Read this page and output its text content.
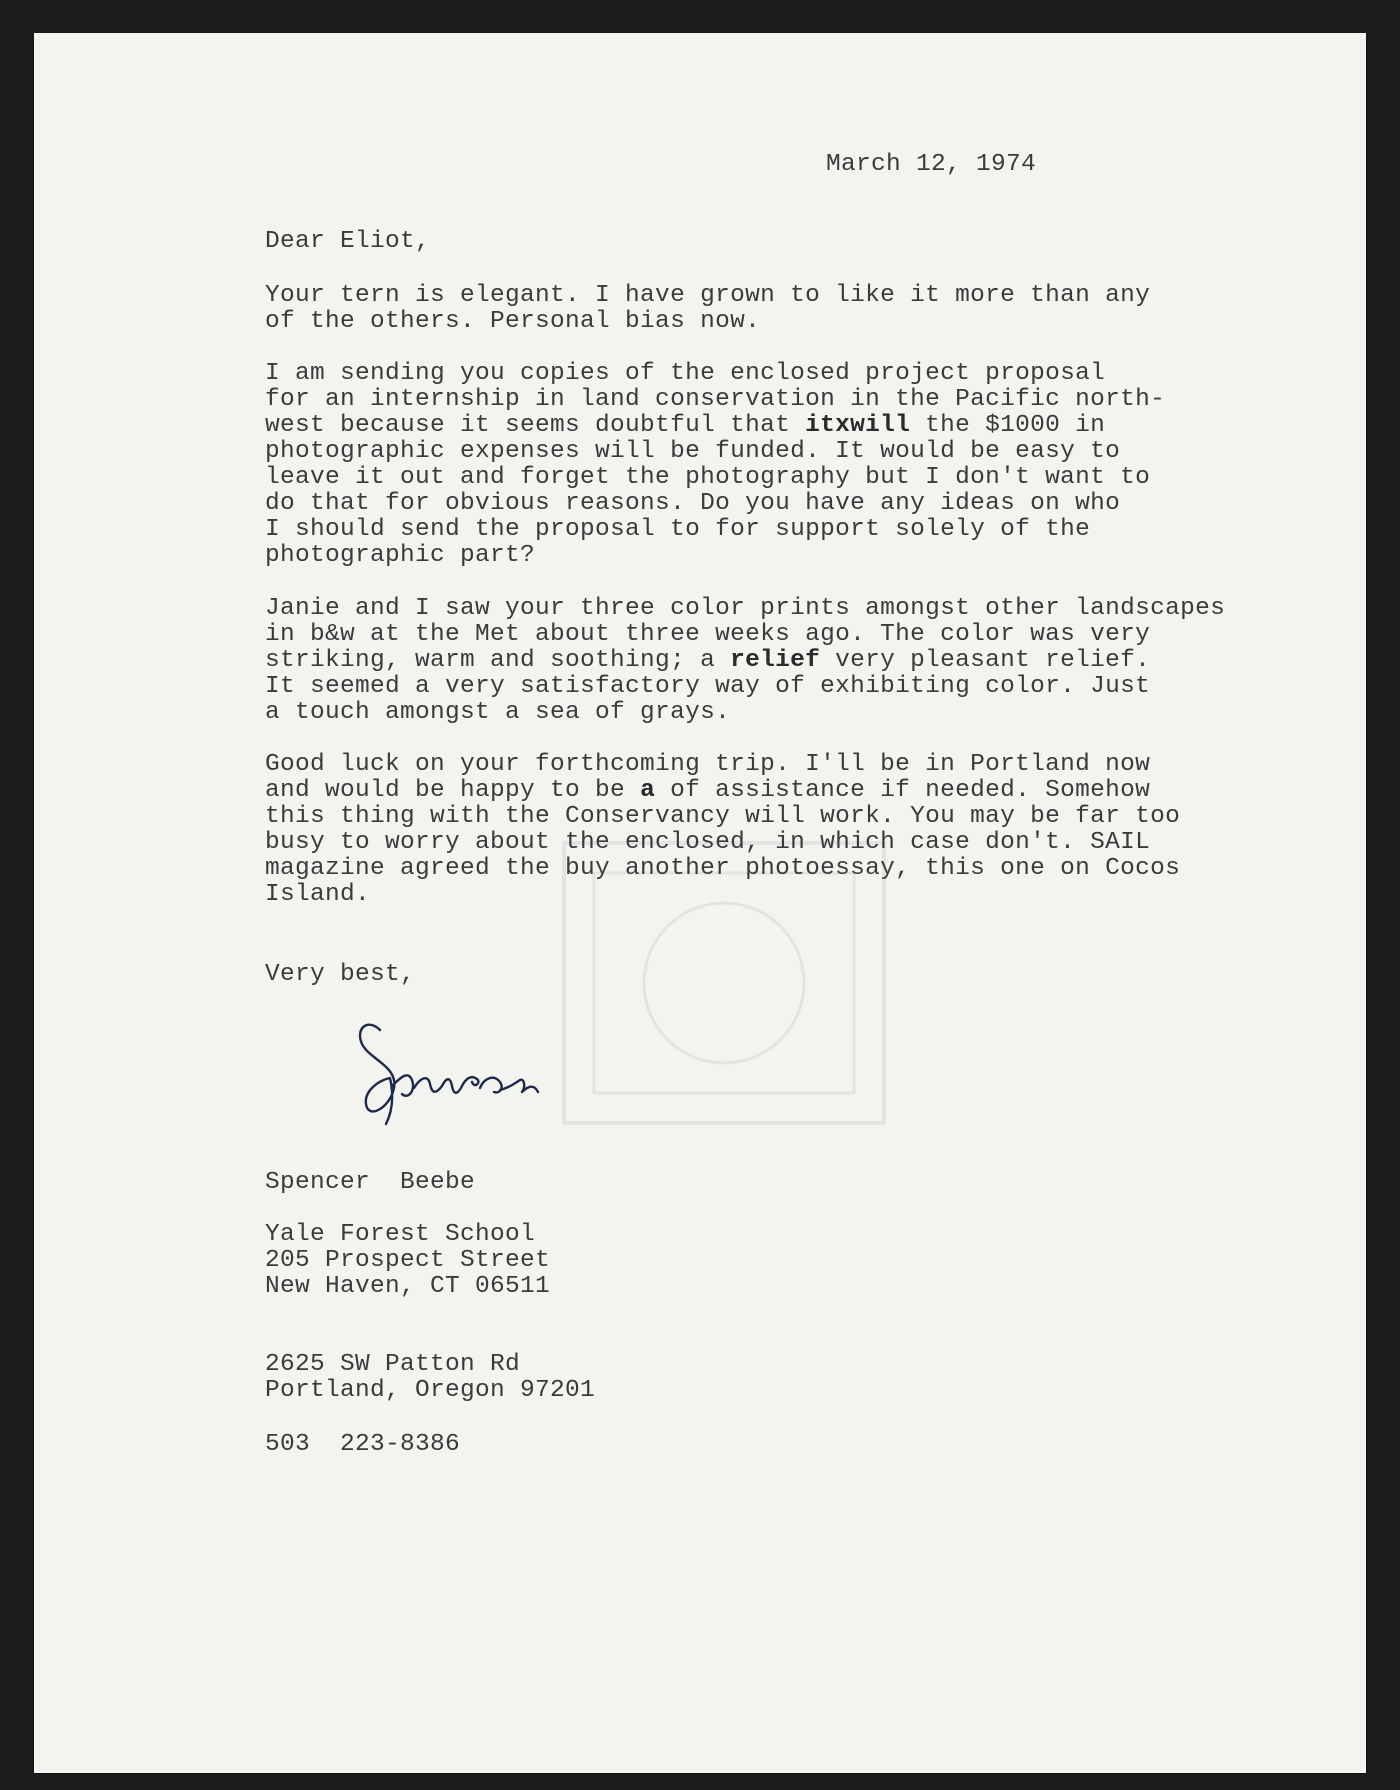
March 12, 1974
Dear Eliot,
Your tern is elegant. I have grown to like it more than any
of the others. Personal bias now.
I am sending you copies of the enclosed project proposal
for an internship in land conservation in the Pacific north-
west because it seems doubtful that itxwill the $1000 in
photographic expenses will be funded. It would be easy to
leave it out and forget the photography but I don't want to
do that for obvious reasons. Do you have any ideas on who
I should send the proposal to for support solely of the
photographic part?
Janie and I saw your three color prints amongst other landscapes
in b&w at the Met about three weeks ago. The color was very
striking, warm and soothing; a relief very pleasant relief.
It seemed a very satisfactory way of exhibiting color. Just
a touch amongst a sea of grays.
Good luck on your forthcoming trip. I'll be in Portland now
and would be happy to be a of assistance if needed. Somehow
this thing with the Conservancy will work. You may be far too
busy to worry about the enclosed, in which case don't. SAIL
magazine agreed the buy another photoessay, this one on Cocos
Island.
Very best,
Spencer  Beebe
Yale Forest School
205 Prospect Street
New Haven, CT 06511
2625 SW Patton Rd
Portland, Oregon 97201
503  223-8386
